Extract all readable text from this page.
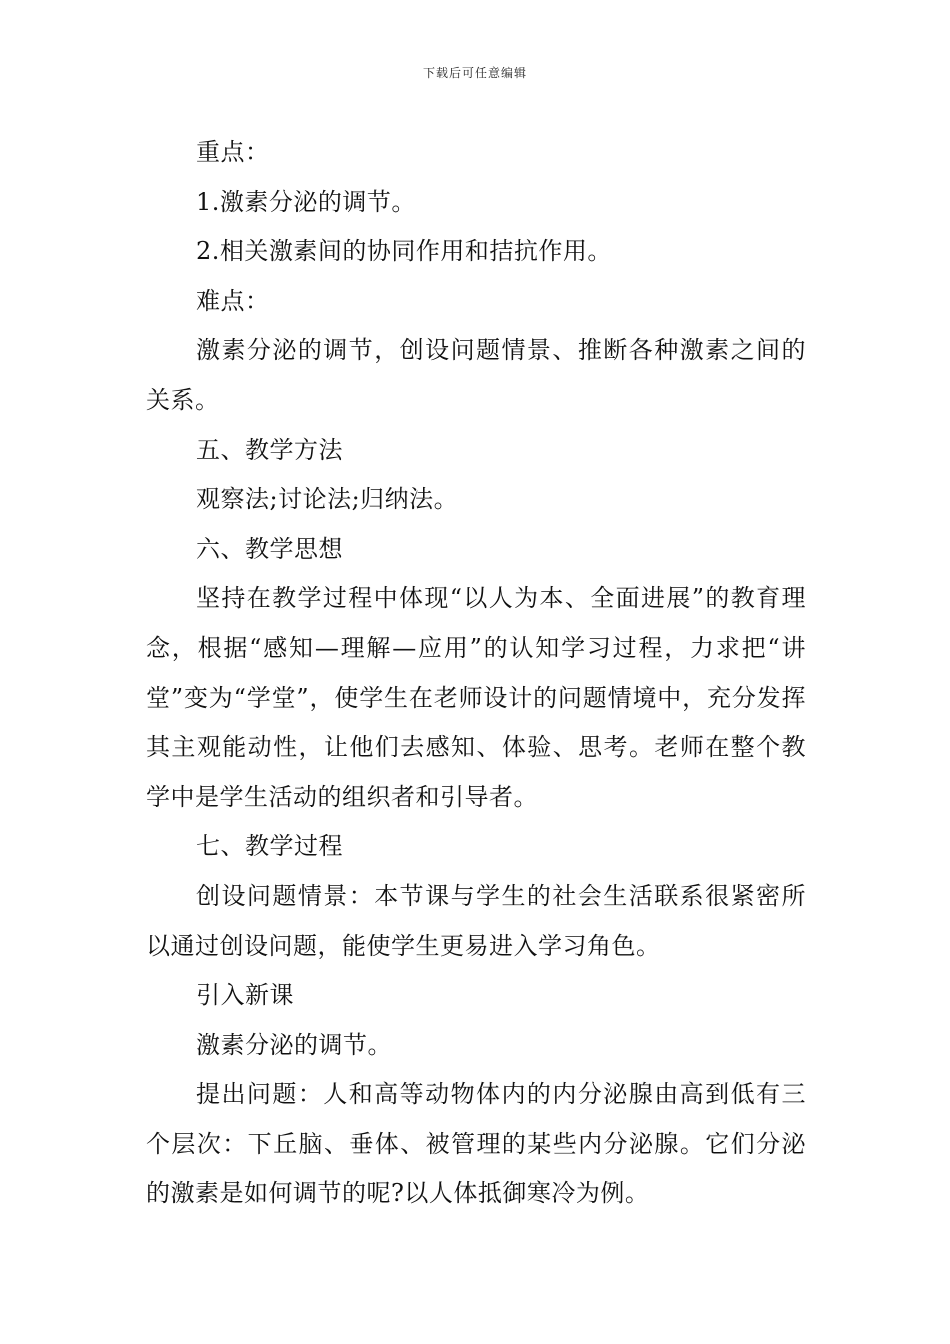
下载后可任意编辑

重点：

1.激素分泌的调节。

2.相关激素间的协同作用和拮抗作用。

难点：

激素分泌的调节，创设问题情景、推断各种激素之间的关系。

五、教学方法

观察法;讨论法;归纳法。

六、教学思想

坚持在教学过程中体现“以人为本、全面进展”的教育理念，根据“感知—理解—应用”的认知学习过程，力求把“讲堂”变为“学堂”，使学生在老师设计的问题情境中，充分发挥其主观能动性，让他们去感知、体验、思考。老师在整个教学中是学生活动的组织者和引导者。

七、教学过程

创设问题情景：本节课与学生的社会生活联系很紧密所以通过创设问题，能使学生更易进入学习角色。

引入新课

激素分泌的调节。

提出问题：人和高等动物体内的内分泌腺由高到低有三个层次：下丘脑、垂体、被管理的某些内分泌腺。它们分泌的激素是如何调节的呢?以人体抵御寒冷为例。
